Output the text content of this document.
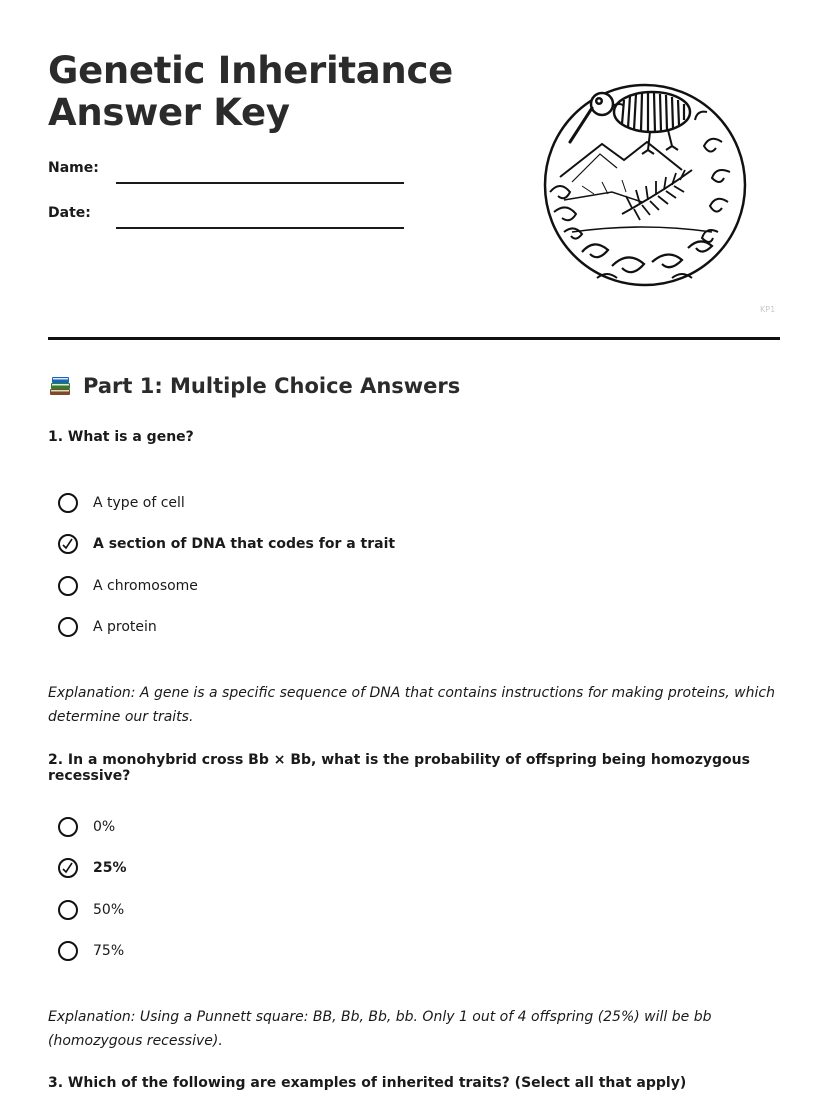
Genetic Inheritance
Answer Key
Name:
Date:
KP1
Part 1: Multiple Choice Answers
1. What is a gene?
A type of cell
A section of DNA that codes for a trait
A chromosome
A protein

Explanation: A gene is a specific sequence of DNA that contains instructions for making proteins, which determine our traits.

2. In a monohybrid cross Bb × Bb, what is the probability of offspring being homozygous recessive?
0%
25%
50%
75%

Explanation: Using a Punnett square: BB, Bb, Bb, bb. Only 1 out of 4 offspring (25%) will be bb (homozygous recessive).

3. Which of the following are examples of inherited traits? (Select all that apply)
